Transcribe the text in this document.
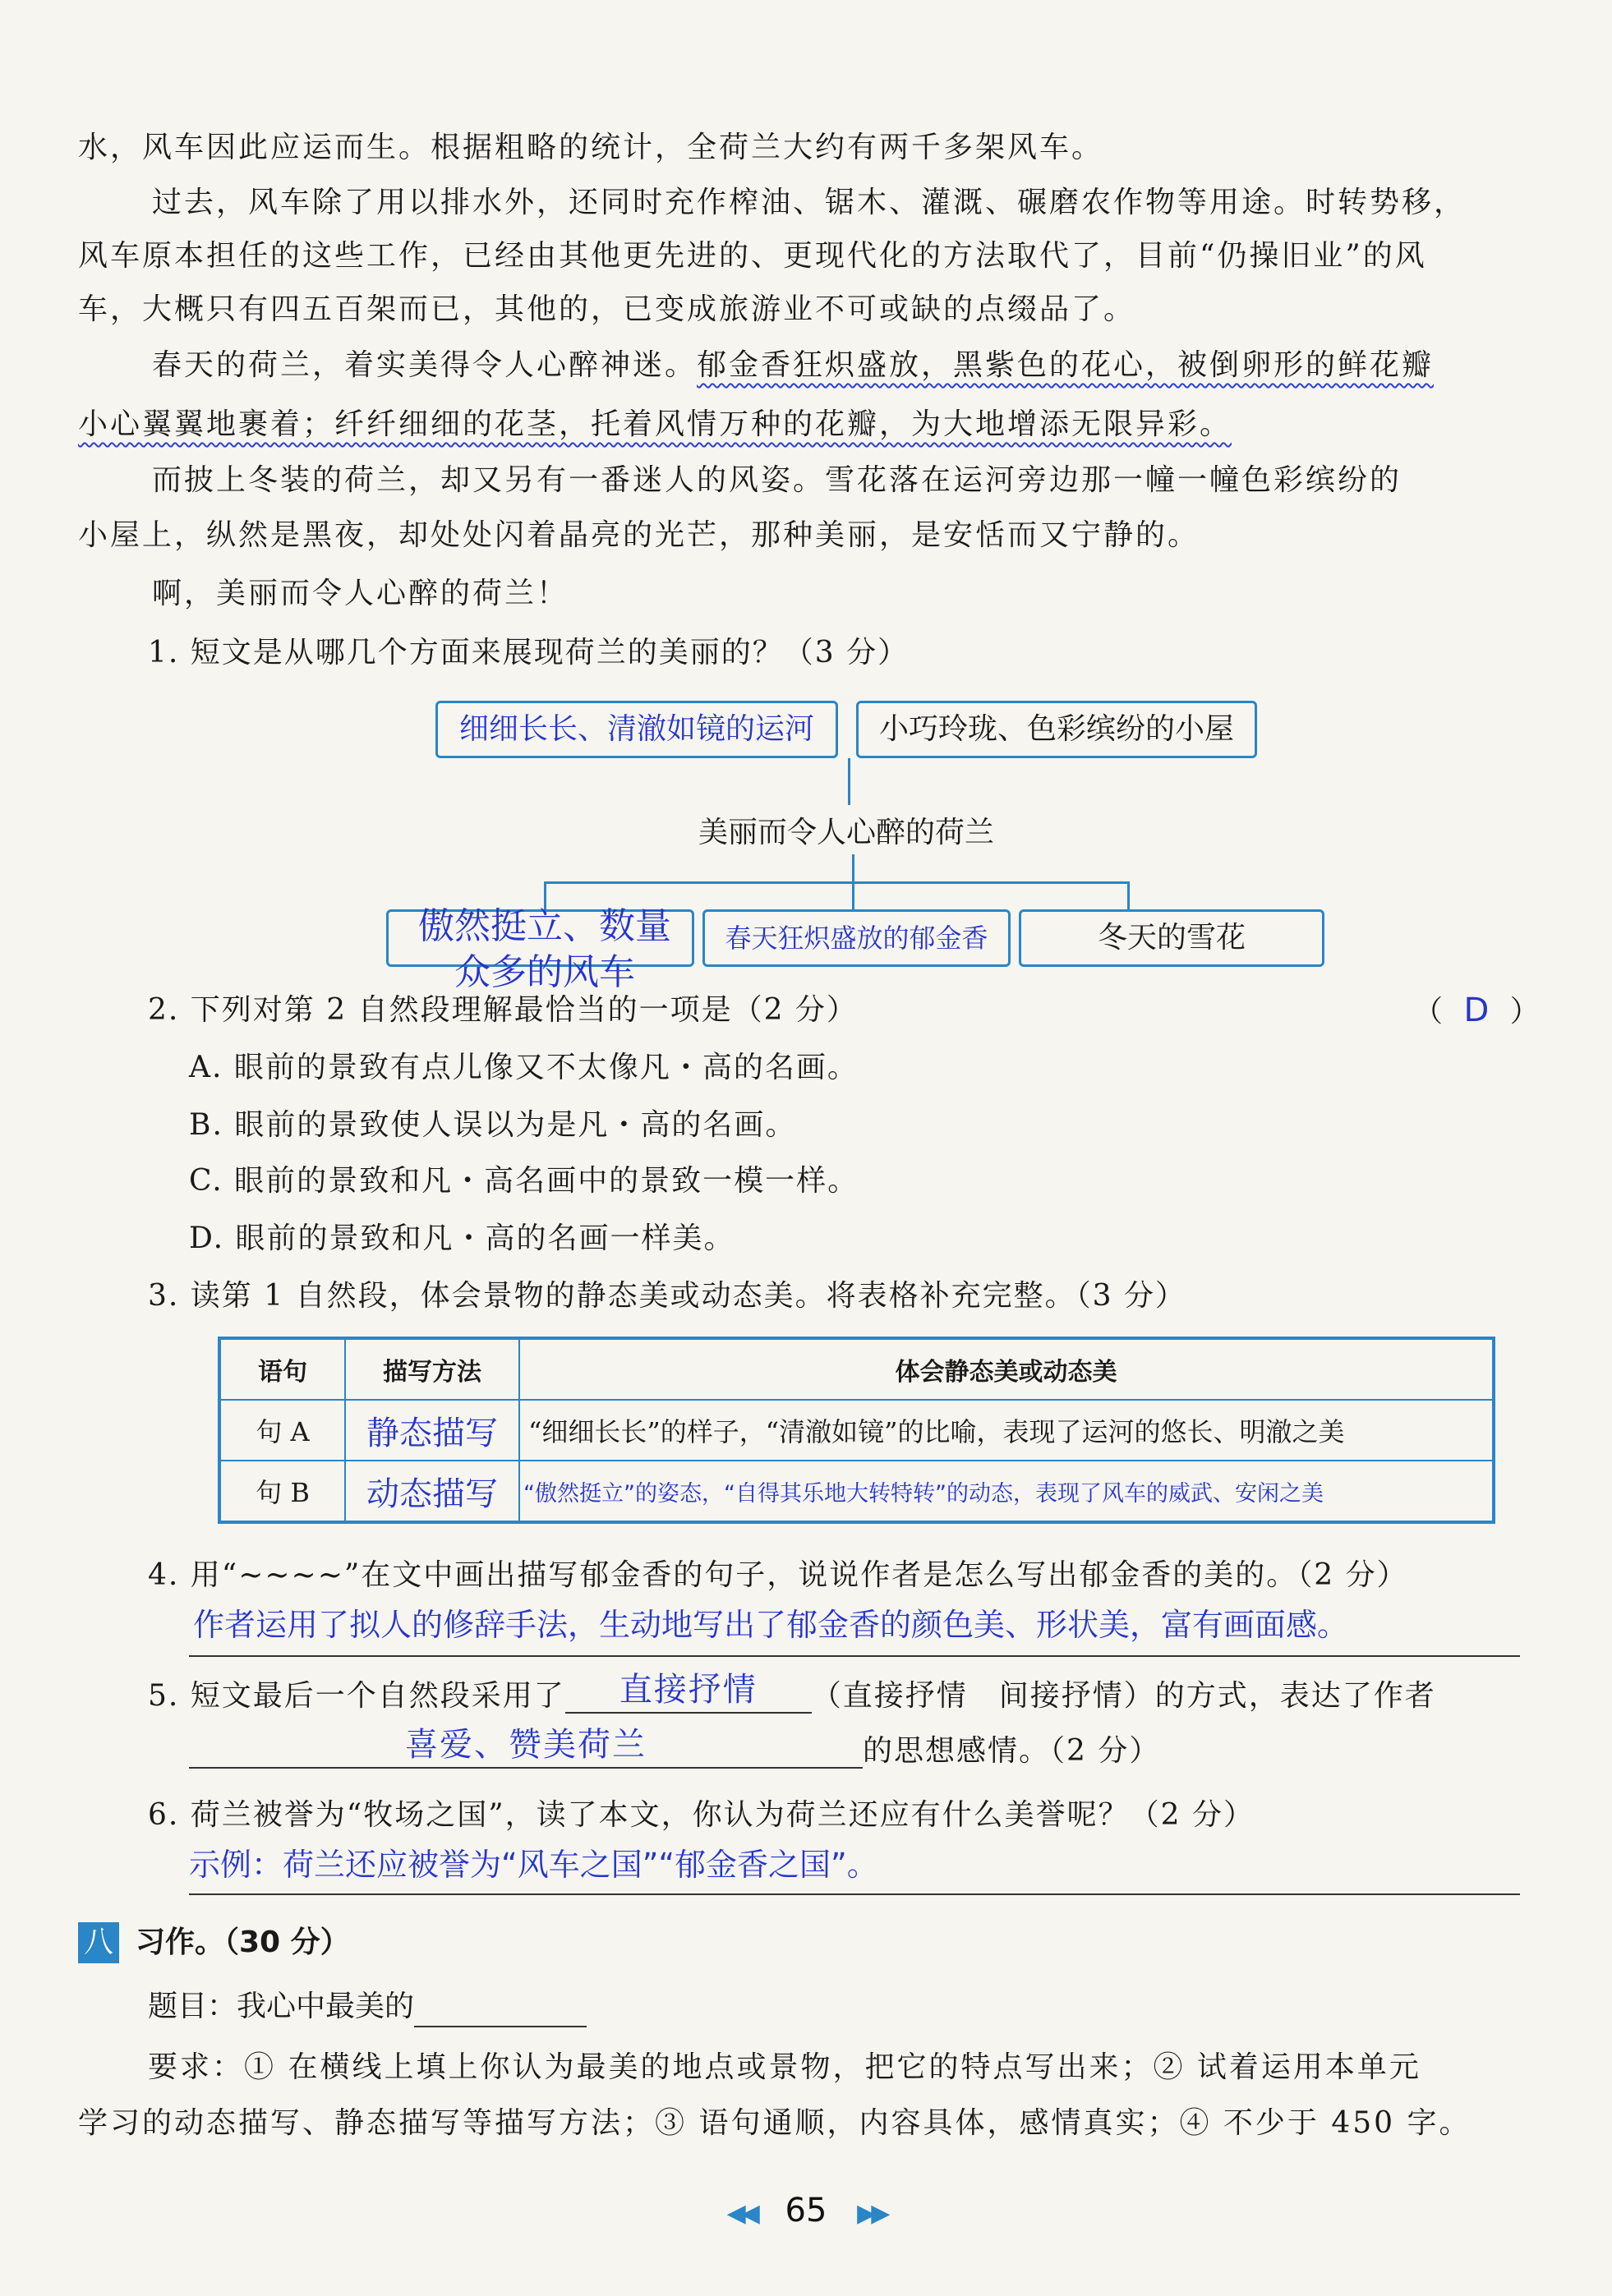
水，风车因此应运而生。根据粗略的统计，全荷兰大约有两千多架风车。
过去，风车除了用以排水外，还同时充作榨油、锯木、灌溉、碾磨农作物等用途。时转势移，
风车原本担任的这些工作，已经由其他更先进的、更现代化的方法取代了，目前“仍操旧业”的风
车，大概只有四五百架而已，其他的，已变成旅游业不可或缺的点缀品了。
春天的荷兰，着实美得令人心醉神迷。郁金香狂炽盛放，黑紫色的花心，被倒卵形的鲜花瓣
小心翼翼地裹着；纤纤细细的花茎，托着风情万种的花瓣，为大地增添无限异彩。
而披上冬装的荷兰，却又另有一番迷人的风姿。雪花落在运河旁边那一幢一幢色彩缤纷的
小屋上，纵然是黑夜，却处处闪着晶亮的光芒，那种美丽，是安恬而又宁静的。
啊，美丽而令人心醉的荷兰！
1. 短文是从哪几个方面来展现荷兰的美丽的？（3 分）
细细长长、清澈如镜的运河	小巧玲珑、色彩缤纷的小屋
美丽而令人心醉的荷兰
傲然挺立、数量
众多的风车
春天狂炽盛放的郁金香	冬天的雪花
2. 下列对第 2 自然段理解最恰当的一项是（2 分）	（ D ）
A. 眼前的景致有点儿像又不太像凡・高的名画。
B. 眼前的景致使人误以为是凡・高的名画。
C. 眼前的景致和凡・高名画中的景致一模一样。
D. 眼前的景致和凡・高的名画一样美。
3. 读第 1 自然段，体会景物的静态美或动态美。将表格补充完整。（3 分）
语句	描写方法	体会静态美或动态美
句 A	静态描写	“细细长长”的样子，“清澈如镜”的比喻，表现了运河的悠长、明澈之美
句 B	动态描写	“傲然挺立”的姿态，“自得其乐地大转特转”的动态，表现了风车的威武、安闲之美
4. 用“~~~~”在文中画出描写郁金香的句子，说说作者是怎么写出郁金香的美的。（2 分）
作者运用了拟人的修辞手法，生动地写出了郁金香的颜色美、形状美，富有画面感。
5. 短文最后一个自然段采用了 直接抒情 （直接抒情　间接抒情）的方式，表达了作者
喜爱、赞美荷兰	的思想感情。（2 分）
6. 荷兰被誉为“牧场之国”，读了本文，你认为荷兰还应有什么美誉呢？（2 分）
示例：荷兰还应被誉为“风车之国”“郁金香之国”。
八 习作。（30 分）
题目：我心中最美的
要求：① 在横线上填上你认为最美的地点或景物，把它的特点写出来；② 试着运用本单元
学习的动态描写、静态描写等描写方法；③ 语句通顺，内容具体，感情真实；④ 不少于 450 字。
◀◀ 65 ▶▶
